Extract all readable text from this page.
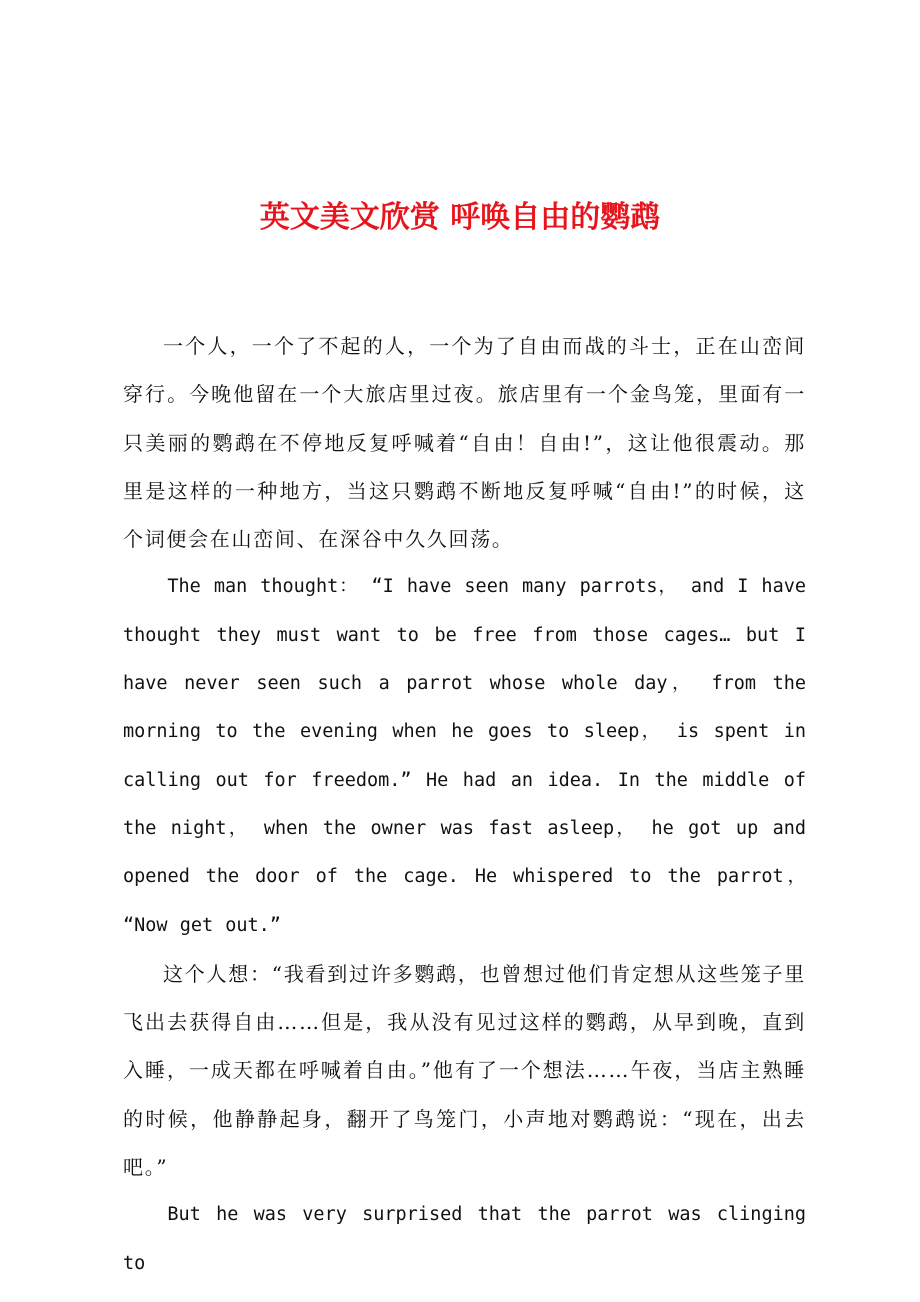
英文美文欣赏 呼唤自由的鹦鹉

一个人，一个了不起的人，一个为了自由而战的斗士，正在山峦间穿行。今晚他留在一个大旅店里过夜。旅店里有一个金鸟笼，里面有一只美丽的鹦鹉在不停地反复呼喊着“自由！自由!”，这让他很震动。那里是这样的一种地方，当这只鹦鹉不断地反复呼喊“自由!”的时候，这个词便会在山峦间、在深谷中久久回荡。

The man thought： “I have seen many parrots， and I have thought they must want to be free from those cages… but I have never seen such a parrot whose whole day， from the morning to the evening when he goes to sleep， is spent in calling out for freedom.” He had an idea. In the middle of the night， when the owner was fast asleep， he got up and opened the door of the cage. He whispered to the parrot， “Now get out.”

这个人想：“我看到过许多鹦鹉，也曾想过他们肯定想从这些笼子里飞出去获得自由……但是，我从没有见过这样的鹦鹉，从早到晚，直到入睡，一成天都在呼喊着自由。”他有了一个想法……午夜，当店主熟睡的时候，他静静起身，翻开了鸟笼门，小声地对鹦鹉说：“现在，出去吧。”

But he was very surprised that the parrot was clinging to
